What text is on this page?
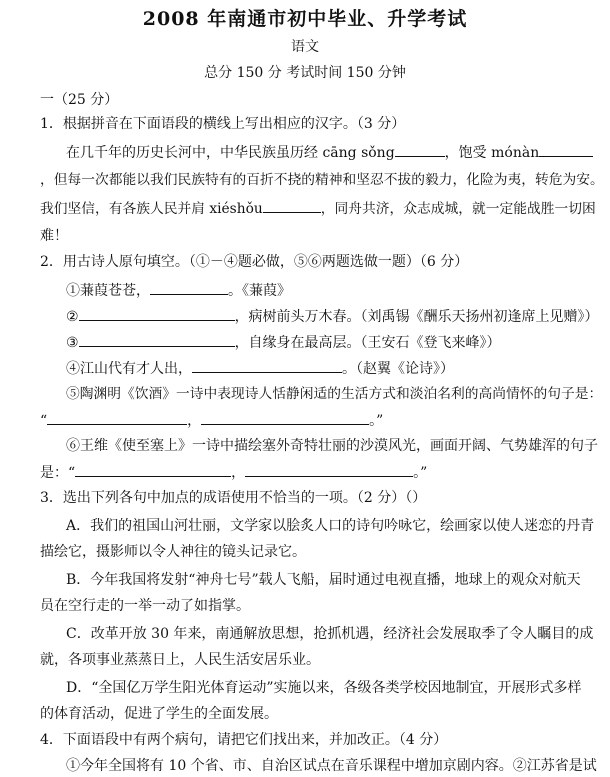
2008 年南通市初中毕业、升学考试
语文
总分 150 分 考试时间 150 分钟
一（25 分）
1．根据拼音在下面语段的横线上写出相应的汉字。（3 分）
在几千年的历史长河中，中华民族虽历经 cāng sǒng	，饱受 mónàn
，但每一次都能以我们民族特有的百折不挠的精神和坚忍不拔的毅力，化险为夷，转危为安。
我们坚信，有各族人民并肩 xiéshǒu	，同舟共济，众志成城，就一定能战胜一切困
难！
2．用古诗人原句填空。（①－④题必做，⑤⑥两题选做一题）（6 分）
①蒹葭苍苍，	。《蒹葭》
②	，病树前头万木春。（刘禹锡《酬乐天扬州初逢席上见赠》）
③	，自缘身在最高层。（王安石《登飞来峰》）
④江山代有才人出，	。（赵翼《论诗》）
⑤陶渊明《饮酒》一诗中表现诗人恬静闲适的生活方式和淡泊名利的高尚情怀的句子是：
“	，	。”
⑥王维《使至塞上》一诗中描绘塞外奇特壮丽的沙漠风光，画面开阔、气势雄浑的句子
是：“	，	。”
3．选出下列各句中加点的成语使用不恰当的一项。（2 分）（）
A．我们的祖国山河壮丽，文学家以脍炙人口的诗句吟咏它，绘画家以使人迷恋的丹青
描绘它，摄影师以令人神往的镜头记录它。
B．今年我国将发射“神舟七号”载人飞船，届时通过电视直播，地球上的观众对航天
员在空行走的一举一动了如指掌。
C．改革开放 30 年来，南通解放思想，抢抓机遇，经济社会发展取季了令人瞩目的成
就，各项事业蒸蒸日上，人民生活安居乐业。
D．“全国亿万学生阳光体育运动”实施以来，各级各类学校因地制宜，开展形式多样
的体育活动，促进了学生的全面发展。
4．下面语段中有两个病句，请把它们找出来，并加改正。（4 分）
①今年全国将有 10 个省、市、自治区试点在音乐课程中增加京剧内容。②江苏省是试
